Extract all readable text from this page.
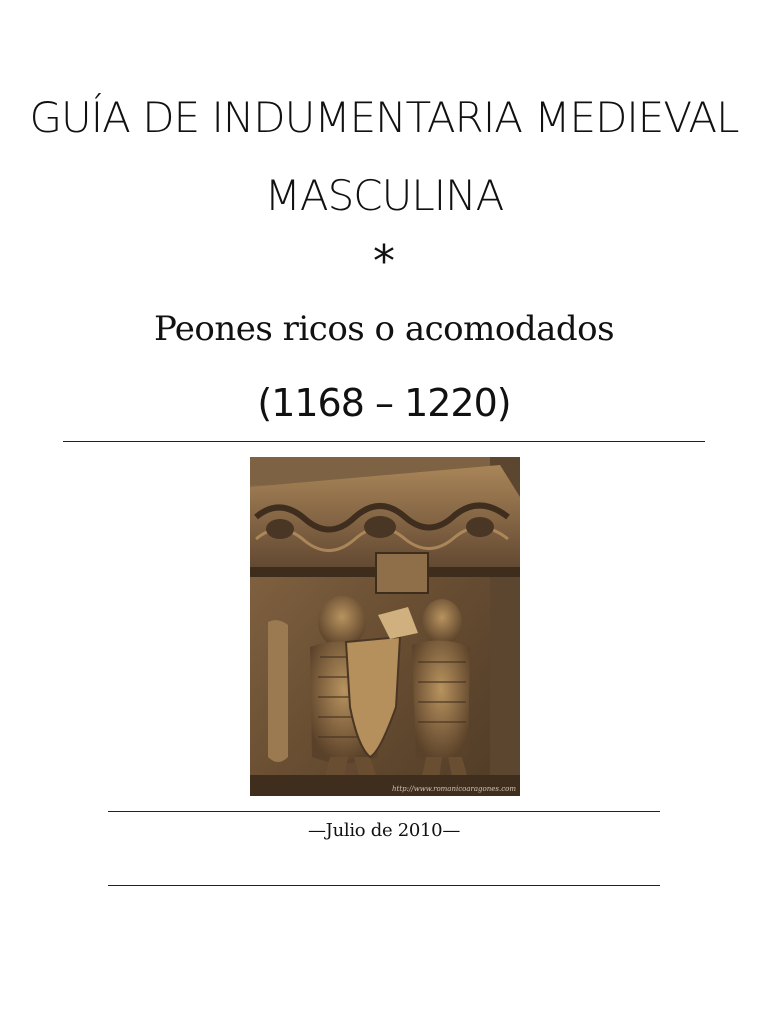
GUÍA DE INDUMENTARIA MEDIEVAL
MASCULINA
*
Peones ricos o acomodados
(1168 – 1220)
http://www.romanicoaragones.com
—Julio de 2010—
